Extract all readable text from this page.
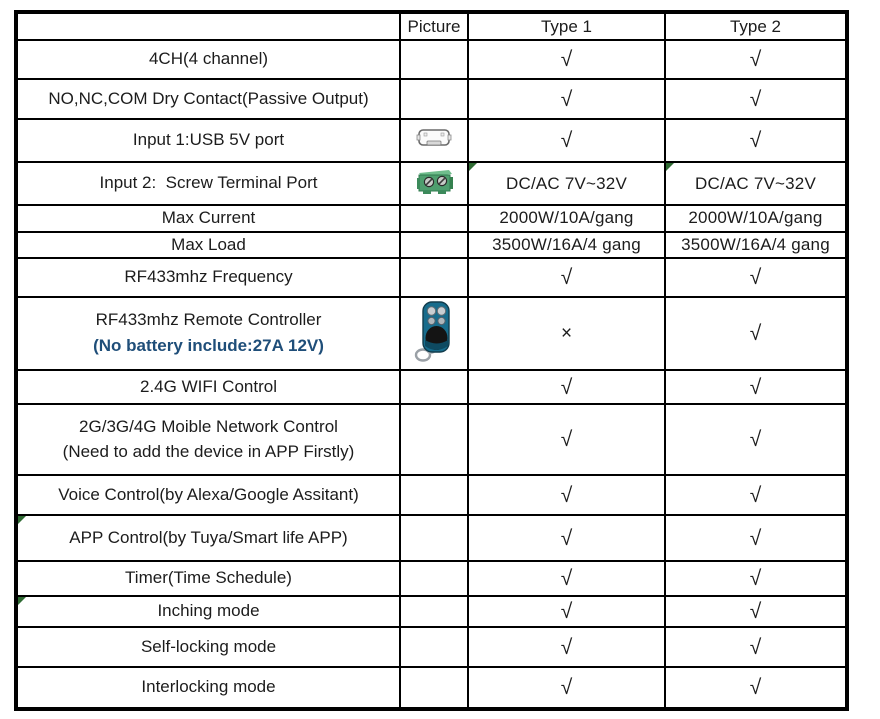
	Picture	Type 1	Type 2

4CH(4 channel)		√	√

NO,NC,COM Dry Contact(Passive Output)		√	√

Input 1:USB 5V port		√	√

Input 2:  Screw Terminal Port		DC/AC 7V~32V	DC/AC 7V~32V

Max Current		2000W/10A/gang	2000W/10A/gang

Max Load		3500W/16A/4 gang	3500W/16A/4 gang

RF433mhz Frequency		√	√

RF433mhz Remote Controller
(No battery include:27A 12V)		×	√

2.4G WIFI Control		√	√

2G/3G/4G Moible Network Control
(Need to add the device in APP Firstly)		√	√

Voice Control(by Alexa/Google Assitant)		√	√

APP Control(by Tuya/Smart life APP)		√	√

Timer(Time Schedule)		√	√

Inching mode		√	√

Self-locking mode		√	√

Interlocking mode		√	√
